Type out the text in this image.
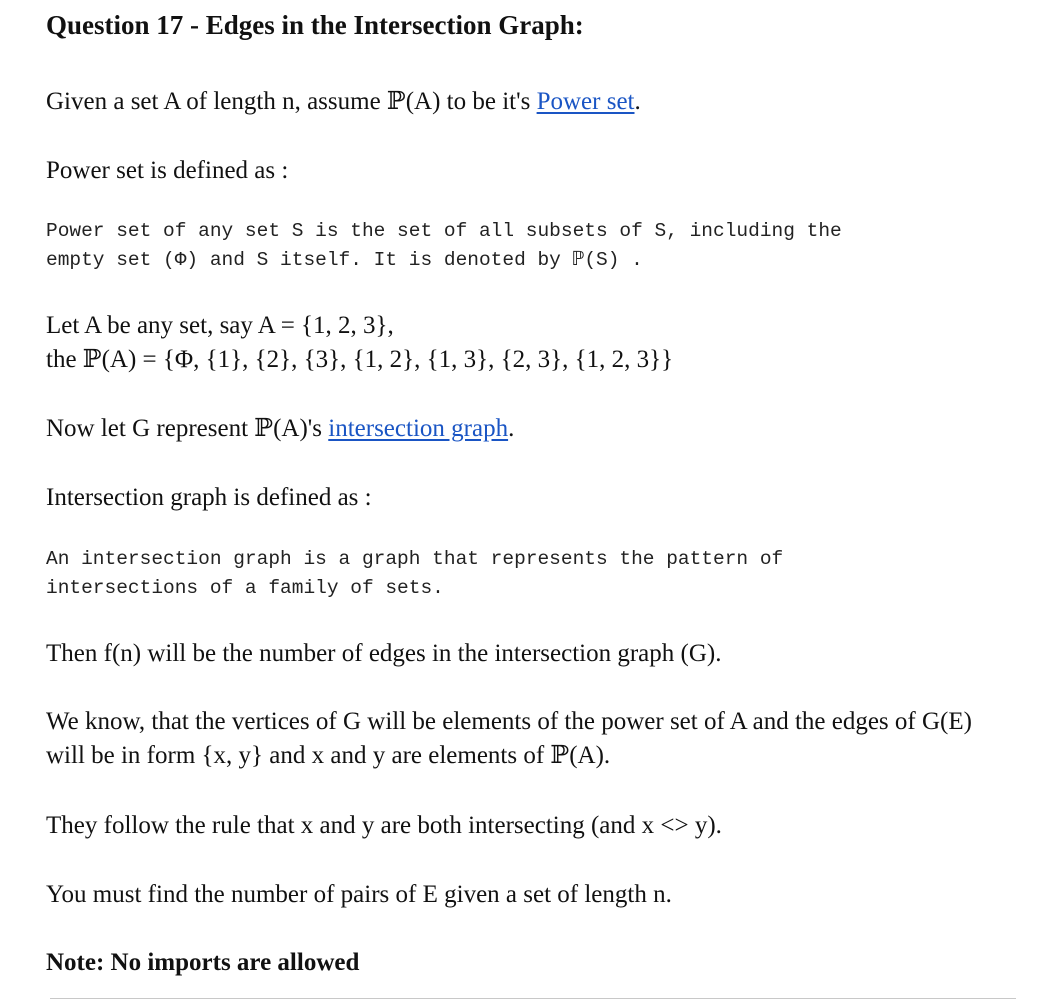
Question 17 - Edges in the Intersection Graph:

Given a set A of length n, assume ℙ(A) to be it's Power set.

Power set is defined as :

Power set of any set S is the set of all subsets of S, including the
empty set (Φ) and S itself. It is denoted by ℙ(S) .
Let A be any set, say A = {1, 2, 3},
the ℙ(A) = {Φ, {1}, {2}, {3}, {1, 2}, {1, 3}, {2, 3}, {1, 2, 3}}

Now let G represent ℙ(A)'s intersection graph.

Intersection graph is defined as :

An intersection graph is a graph that represents the pattern of
intersections of a family of sets.

Then f(n) will be the number of edges in the intersection graph (G).

We know, that the vertices of G will be elements of the power set of A and the edges of G(E)
will be in form {x, y} and x and y are elements of ℙ(A).

They follow the rule that x and y are both intersecting (and x <> y).

You must find the number of pairs of E given a set of length n.

Note: No imports are allowed
